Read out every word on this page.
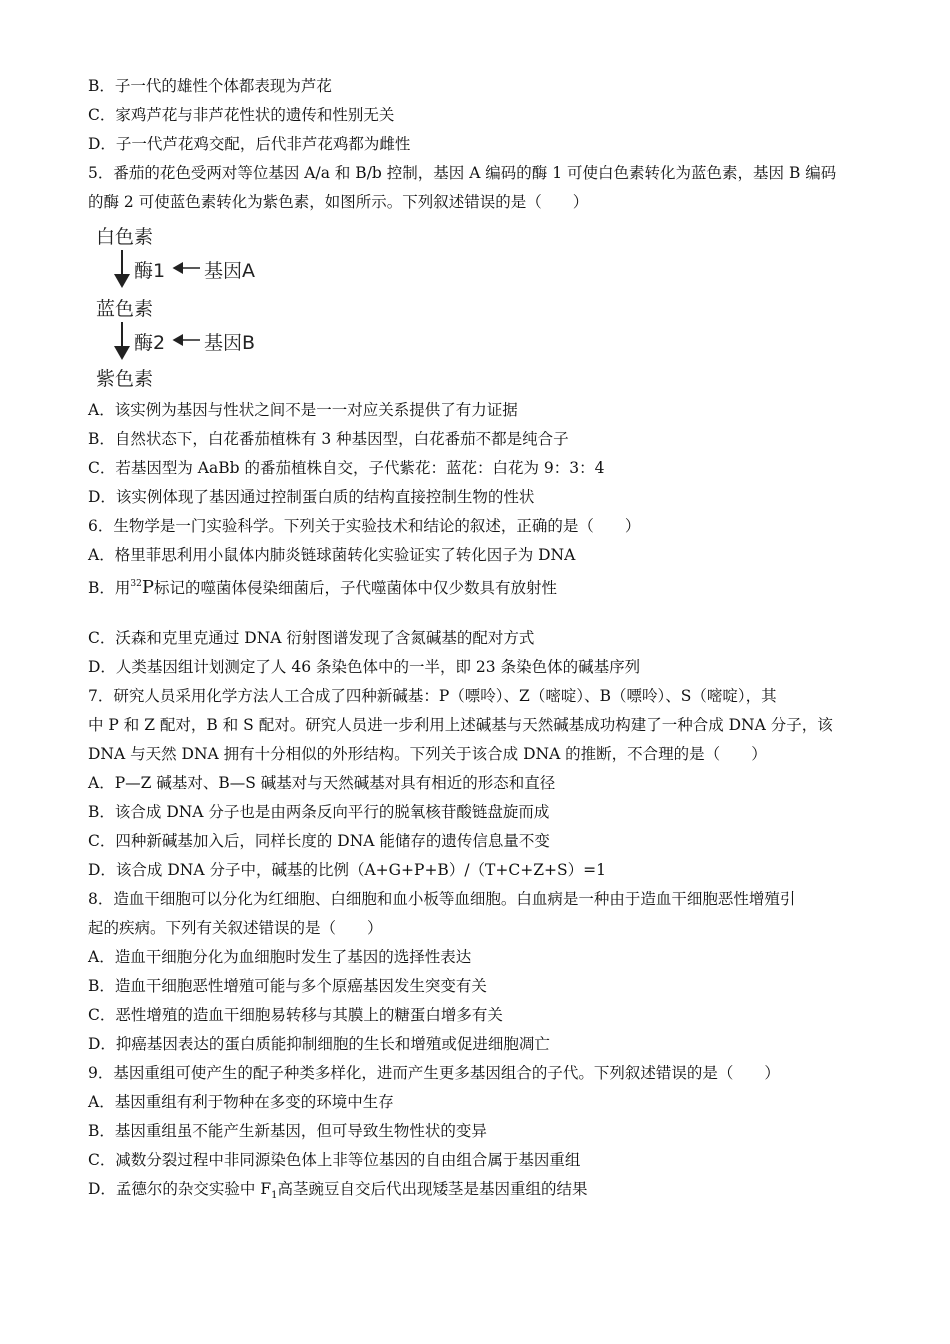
B．子一代的雄性个体都表现为芦花
C．家鸡芦花与非芦花性状的遗传和性别无关
D．子一代芦花鸡交配，后代非芦花鸡都为雌性
5．番茄的花色受两对等位基因 A/a 和 B/b 控制，基因 A 编码的酶 1 可使白色素转化为蓝色素，基因 B 编码
的酶 2 可使蓝色素转化为紫色素，如图所示。下列叙述错误的是（　　）
白色素
酶1 基因A
蓝色素
酶2 基因B
紫色素
A．该实例为基因与性状之间不是一一对应关系提供了有力证据
B．自然状态下，白花番茄植株有 3 种基因型，白花番茄不都是纯合子
C．若基因型为 AaBb 的番茄植株自交，子代紫花：蓝花：白花为 9：3：4
D．该实例体现了基因通过控制蛋白质的结构直接控制生物的性状
6．生物学是一门实验科学。下列关于实验技术和结论的叙述，正确的是（　　）
A．格里菲思利用小鼠体内肺炎链球菌转化实验证实了转化因子为 DNA
B．用$^{32}$P标记的噬菌体侵染细菌后，子代噬菌体中仅少数具有放射性
C．沃森和克里克通过 DNA 衍射图谱发现了含氮碱基的配对方式
D．人类基因组计划测定了人 46 条染色体中的一半，即 23 条染色体的碱基序列
7．研究人员采用化学方法人工合成了四种新碱基：P（嘌呤）、Z（嘧啶）、B（嘌呤）、S（嘧啶），其
中 P 和 Z 配对，B 和 S 配对。研究人员进一步利用上述碱基与天然碱基成功构建了一种合成 DNA 分子，该
DNA 与天然 DNA 拥有十分相似的外形结构。下列关于该合成 DNA 的推断，不合理的是（　　）
A．P—Z 碱基对、B—S 碱基对与天然碱基对具有相近的形态和直径
B．该合成 DNA 分子也是由两条反向平行的脱氧核苷酸链盘旋而成
C．四种新碱基加入后，同样长度的 DNA 能储存的遗传信息量不变
D．该合成 DNA 分子中，碱基的比例（A+G+P+B）/（T+C+Z+S）=1
8．造血干细胞可以分化为红细胞、白细胞和血小板等血细胞。白血病是一种由于造血干细胞恶性增殖引
起的疾病。下列有关叙述错误的是（　　）
A．造血干细胞分化为血细胞时发生了基因的选择性表达
B．造血干细胞恶性增殖可能与多个原癌基因发生突变有关
C．恶性增殖的造血干细胞易转移与其膜上的糖蛋白增多有关
D．抑癌基因表达的蛋白质能抑制细胞的生长和增殖或促进细胞凋亡
9．基因重组可使产生的配子种类多样化，进而产生更多基因组合的子代。下列叙述错误的是（　　）
A．基因重组有利于物种在多变的环境中生存
B．基因重组虽不能产生新基因，但可导致生物性状的变异
C．减数分裂过程中非同源染色体上非等位基因的自由组合属于基因重组
D．孟德尔的杂交实验中 $F_1$高茎豌豆自交后代出现矮茎是基因重组的结果
